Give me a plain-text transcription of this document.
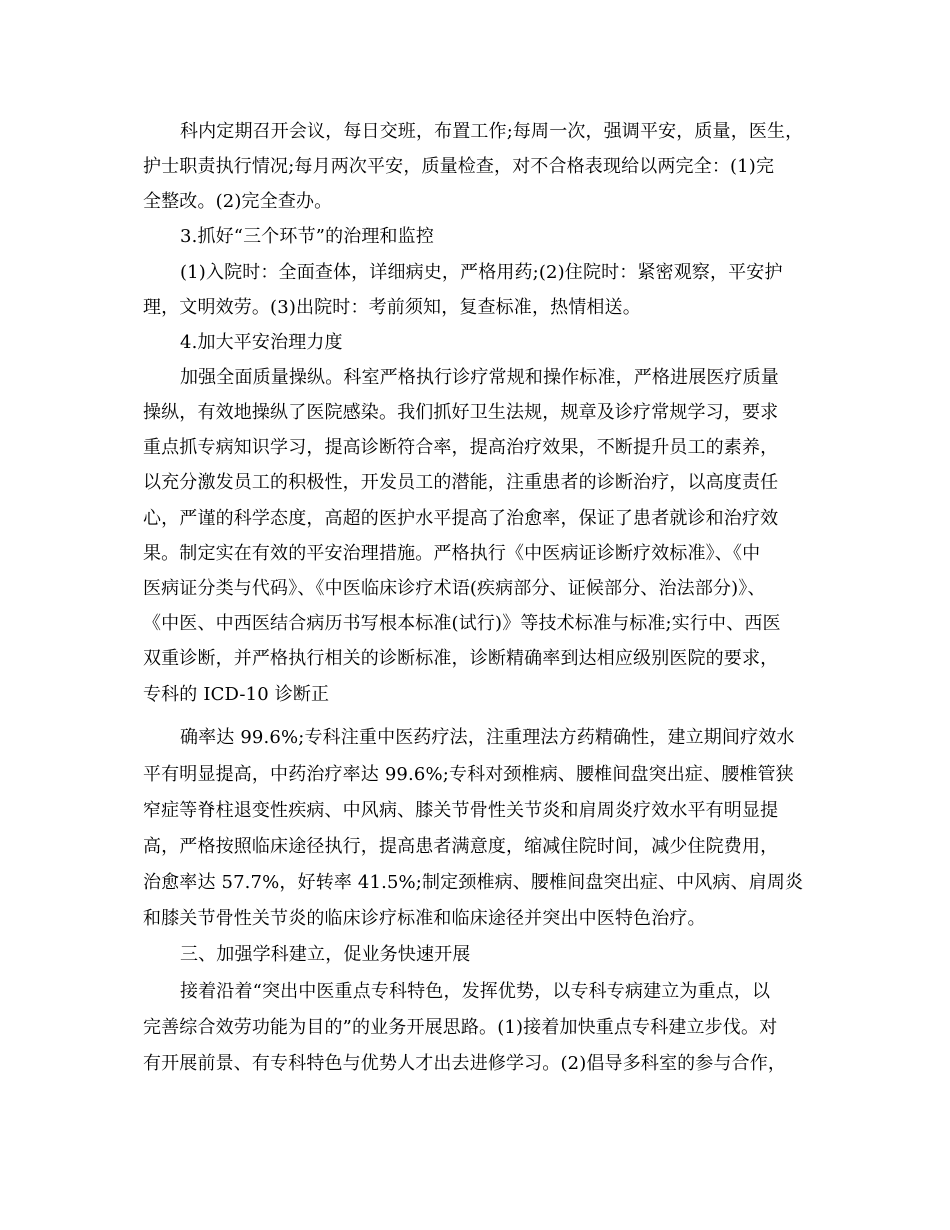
科内定期召开会议，每日交班，布置工作;每周一次，强调平安，质量，医生，
护士职责执行情况;每月两次平安，质量检查，对不合格表现给以两完全：(1)完
全整改。(2)完全查办。
3.抓好“三个环节”的治理和监控
(1)入院时：全面查体，详细病史，严格用药;(2)住院时：紧密观察，平安护
理，文明效劳。(3)出院时：考前须知，复查标准，热情相送。
4.加大平安治理力度
加强全面质量操纵。科室严格执行诊疗常规和操作标准，严格进展医疗质量
操纵，有效地操纵了医院感染。我们抓好卫生法规，规章及诊疗常规学习，要求
重点抓专病知识学习，提高诊断符合率，提高治疗效果，不断提升员工的素养，
以充分激发员工的积极性，开发员工的潜能，注重患者的诊断治疗，以高度责任
心，严谨的科学态度，高超的医护水平提高了治愈率，保证了患者就诊和治疗效
果。制定实在有效的平安治理措施。严格执行《中医病证诊断疗效标准》、《中
医病证分类与代码》、《中医临床诊疗术语(疾病部分、证候部分、治法部分)》、
《中医、中西医结合病历书写根本标准(试行)》等技术标准与标准;实行中、西医
双重诊断，并严格执行相关的诊断标准，诊断精确率到达相应级别医院的要求，
专科的 ICD-10 诊断正
确率达 99.6%;专科注重中医药疗法，注重理法方药精确性，建立期间疗效水
平有明显提高，中药治疗率达 99.6%;专科对颈椎病、腰椎间盘突出症、腰椎管狭
窄症等脊柱退变性疾病、中风病、膝关节骨性关节炎和肩周炎疗效水平有明显提
高，严格按照临床途径执行，提高患者满意度，缩减住院时间，减少住院费用，
治愈率达 57.7%，好转率 41.5%;制定颈椎病、腰椎间盘突出症、中风病、肩周炎
和膝关节骨性关节炎的临床诊疗标准和临床途径并突出中医特色治疗。
三、加强学科建立，促业务快速开展
接着沿着“突出中医重点专科特色，发挥优势，以专科专病建立为重点，以
完善综合效劳功能为目的”的业务开展思路。(1)接着加快重点专科建立步伐。对
有开展前景、有专科特色与优势人才出去进修学习。(2)倡导多科室的参与合作，
